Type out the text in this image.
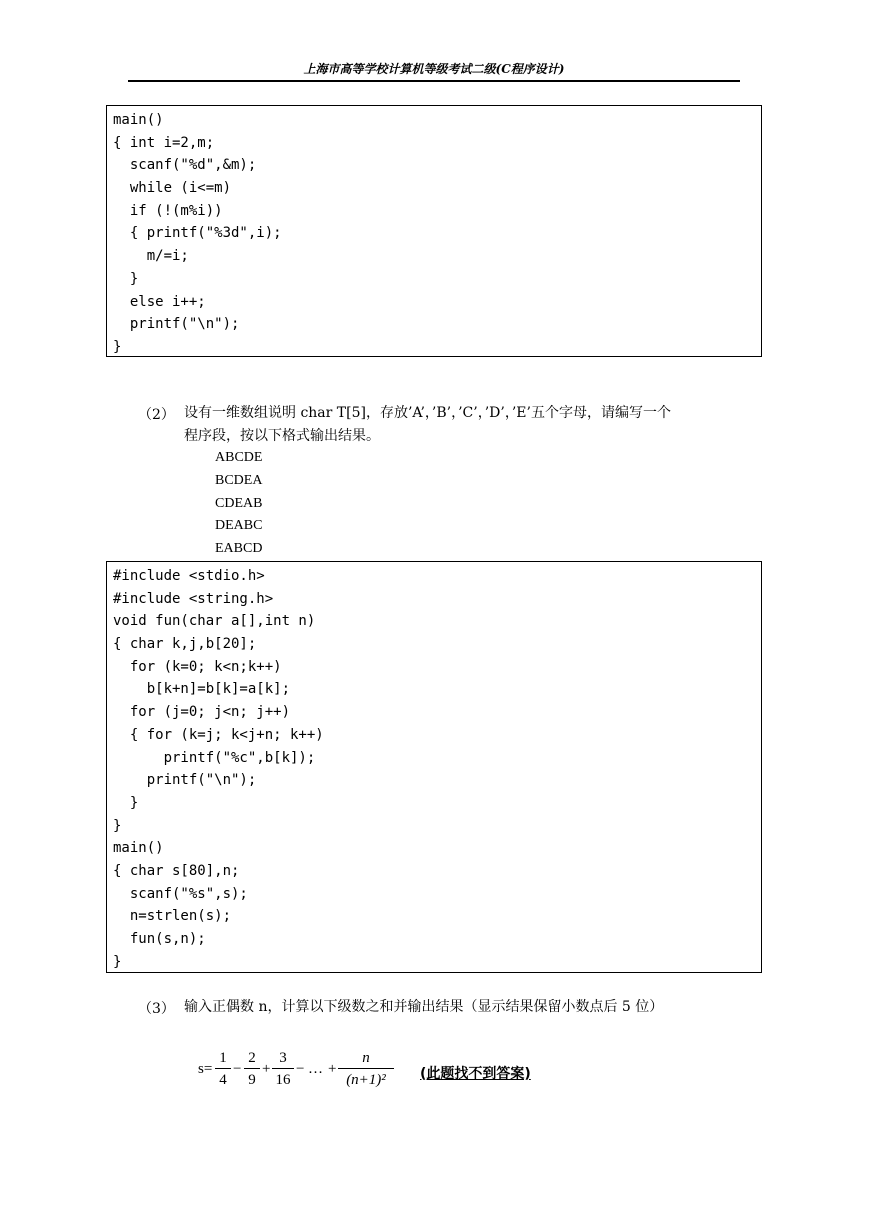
上海市高等学校计算机等级考试二级(C程序设计)
main()
{ int i=2,m;
scanf("%d",&m);
while (i<=m)
if (!(m%i))
{ printf("%3d",i);
m/=i;
}
else i++;
printf("\n");
}
（2） 设有一维数组说明 char T[5]，存放’A’，’B’，’C’，’D’，’E’五个字母，请编写一个
程序段，按以下格式输出结果。
ABCDE
BCDEA
CDEAB
DEABC
EABCD
#include <stdio.h>
#include <string.h>
void fun(char a[],int n)
{ char k,j,b[20];
for (k=0; k<n;k++)
b[k+n]=b[k]=a[k];
for (j=0; j<n; j++)
{ for (k=j; k<j+n; k++)
printf("%c",b[k]);
printf("\n");
}
}
main()
{ char s[80],n;
scanf("%s",s);
n=strlen(s);
fun(s,n);
}
（3） 输入正偶数 n，计算以下级数之和并输出结果（显示结果保留小数点后 5 位）
s=
1
4
−
2
9
+
3
16
− … +
n
(n+1)²	(此题找不到答案)
